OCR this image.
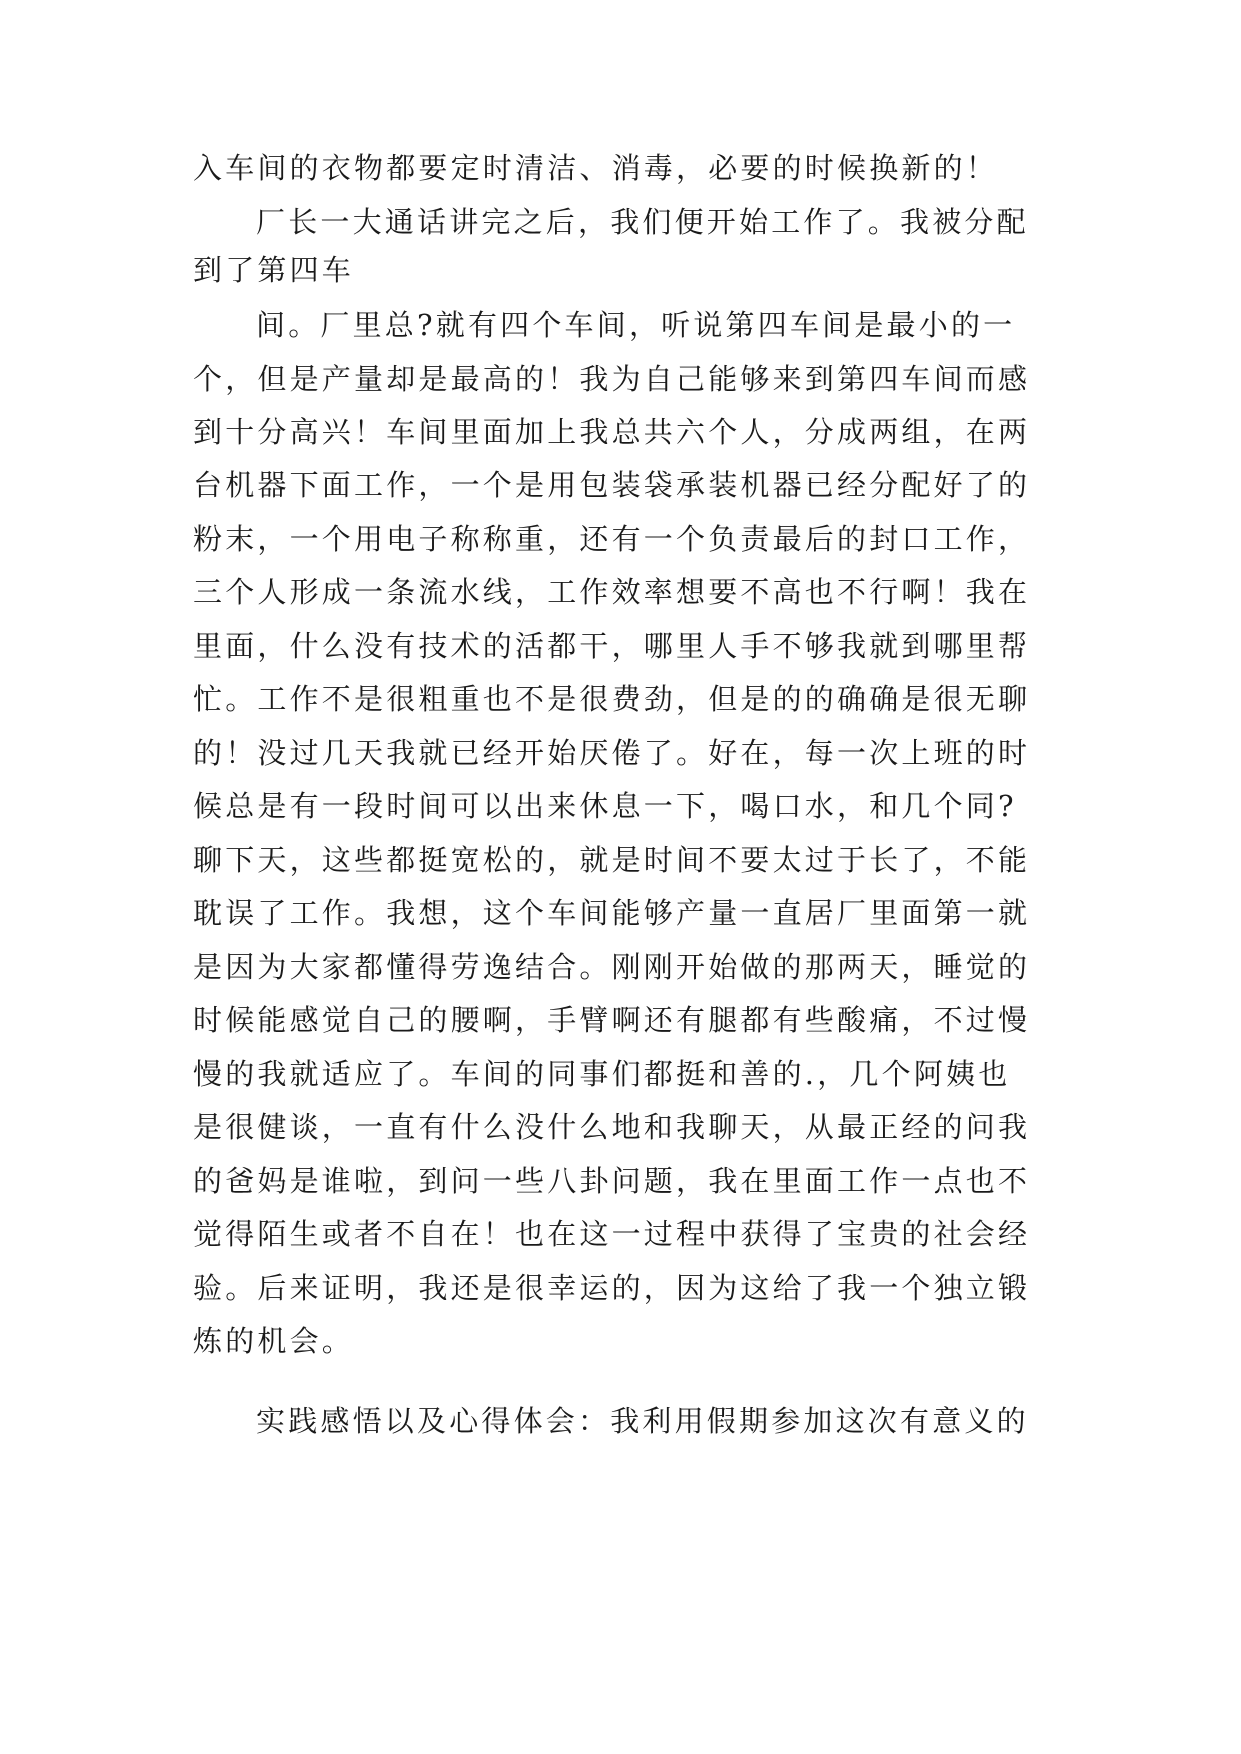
入车间的衣物都要定时清洁、消毒，必要的时候换新的！
厂长一大通话讲完之后，我们便开始工作了。我被分配
到了第四车
间。厂里总?就有四个车间，听说第四车间是最小的一
个，但是产量却是最高的！我为自己能够来到第四车间而感
到十分高兴！车间里面加上我总共六个人，分成两组，在两
台机器下面工作，一个是用包装袋承装机器已经分配好了的
粉末，一个用电子称称重，还有一个负责最后的封口工作，
三个人形成一条流水线，工作效率想要不高也不行啊！我在
里面，什么没有技术的活都干，哪里人手不够我就到哪里帮
忙。工作不是很粗重也不是很费劲，但是的的确确是很无聊
的！没过几天我就已经开始厌倦了。好在，每一次上班的时
候总是有一段时间可以出来休息一下，喝口水，和几个同?
聊下天，这些都挺宽松的，就是时间不要太过于长了，不能
耽误了工作。我想，这个车间能够产量一直居厂里面第一就
是因为大家都懂得劳逸结合。刚刚开始做的那两天，睡觉的
时候能感觉自己的腰啊，手臂啊还有腿都有些酸痛，不过慢
慢的我就适应了。车间的同事们都挺和善的.，几个阿姨也
是很健谈，一直有什么没什么地和我聊天，从最正经的问我
的爸妈是谁啦，到问一些八卦问题，我在里面工作一点也不
觉得陌生或者不自在！也在这一过程中获得了宝贵的社会经
验。后来证明，我还是很幸运的，因为这给了我一个独立锻
炼的机会。
实践感悟以及心得体会：我利用假期参加这次有意义的
